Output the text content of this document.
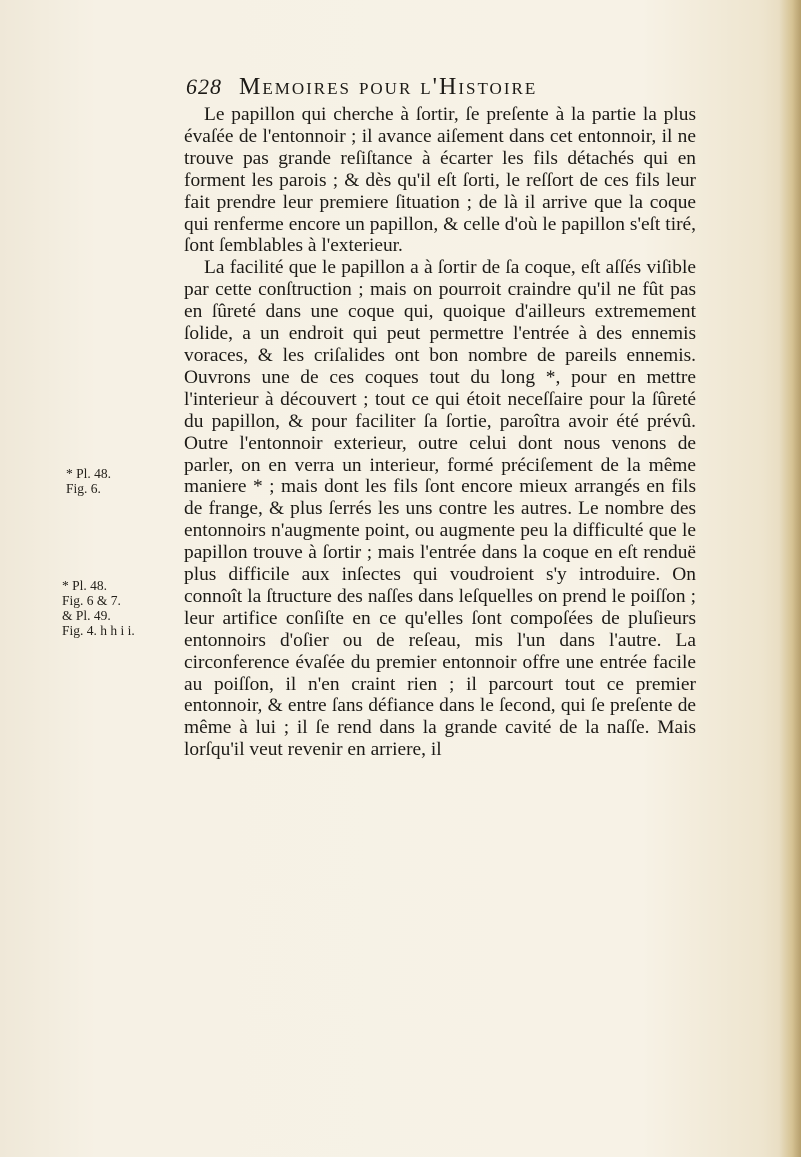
628 Memoires pour l'Histoire
* Pl. 48.
Fig. 6.
* Pl. 48.
Fig. 6 & 7.
& Pl. 49.
Fig. 4. h h i i.

Le papillon qui cherche à ſortir, ſe preſente à la partie la plus évaſée de l'entonnoir ; il avance aiſement dans cet entonnoir, il ne trouve pas grande reſiſtance à écarter les fils détachés qui en forment les parois ; & dès qu'il eſt ſorti, le reſſort de ces fils leur fait prendre leur premiere ſituation ; de là il arrive que la coque qui renferme encore un papillon, & celle d'où le papillon s'eſt tiré, ſont ſemblables à l'exterieur.

La facilité que le papillon a à ſortir de ſa coque, eſt aſſés viſible par cette conſtruction ; mais on pourroit craindre qu'il ne fût pas en ſûreté dans une coque qui, quoique d'ailleurs extremement ſolide, a un endroit qui peut permettre l'entrée à des ennemis voraces, & les criſalides ont bon nombre de pareils ennemis. Ouvrons une de ces coques tout du long *, pour en mettre l'interieur à découvert ; tout ce qui étoit neceſſaire pour la ſûreté du papillon, & pour faciliter ſa ſortie, paroîtra avoir été prévû. Outre l'entonnoir exterieur, outre celui dont nous venons de parler, on en verra un interieur, formé préciſement de la même maniere * ; mais dont les fils ſont encore mieux arrangés en fils de frange, & plus ſerrés les uns contre les autres. Le nombre des entonnoirs n'augmente point, ou augmente peu la difficulté que le papillon trouve à ſortir ; mais l'entrée dans la coque en eſt renduë plus difficile aux inſectes qui voudroient s'y introduire. On connoît la ſtructure des naſſes dans leſquelles on prend le poiſſon ; leur artifice conſiſte en ce qu'elles ſont compoſées de pluſieurs entonnoirs d'oſier ou de reſeau, mis l'un dans l'autre. La circonference évaſée du premier entonnoir offre une entrée facile au poiſſon, il n'en craint rien ; il parcourt tout ce premier entonnoir, & entre ſans défiance dans le ſecond, qui ſe preſente de même à lui ; il ſe rend dans la grande cavité de la naſſe. Mais lorſqu'il veut revenir en arriere, il
